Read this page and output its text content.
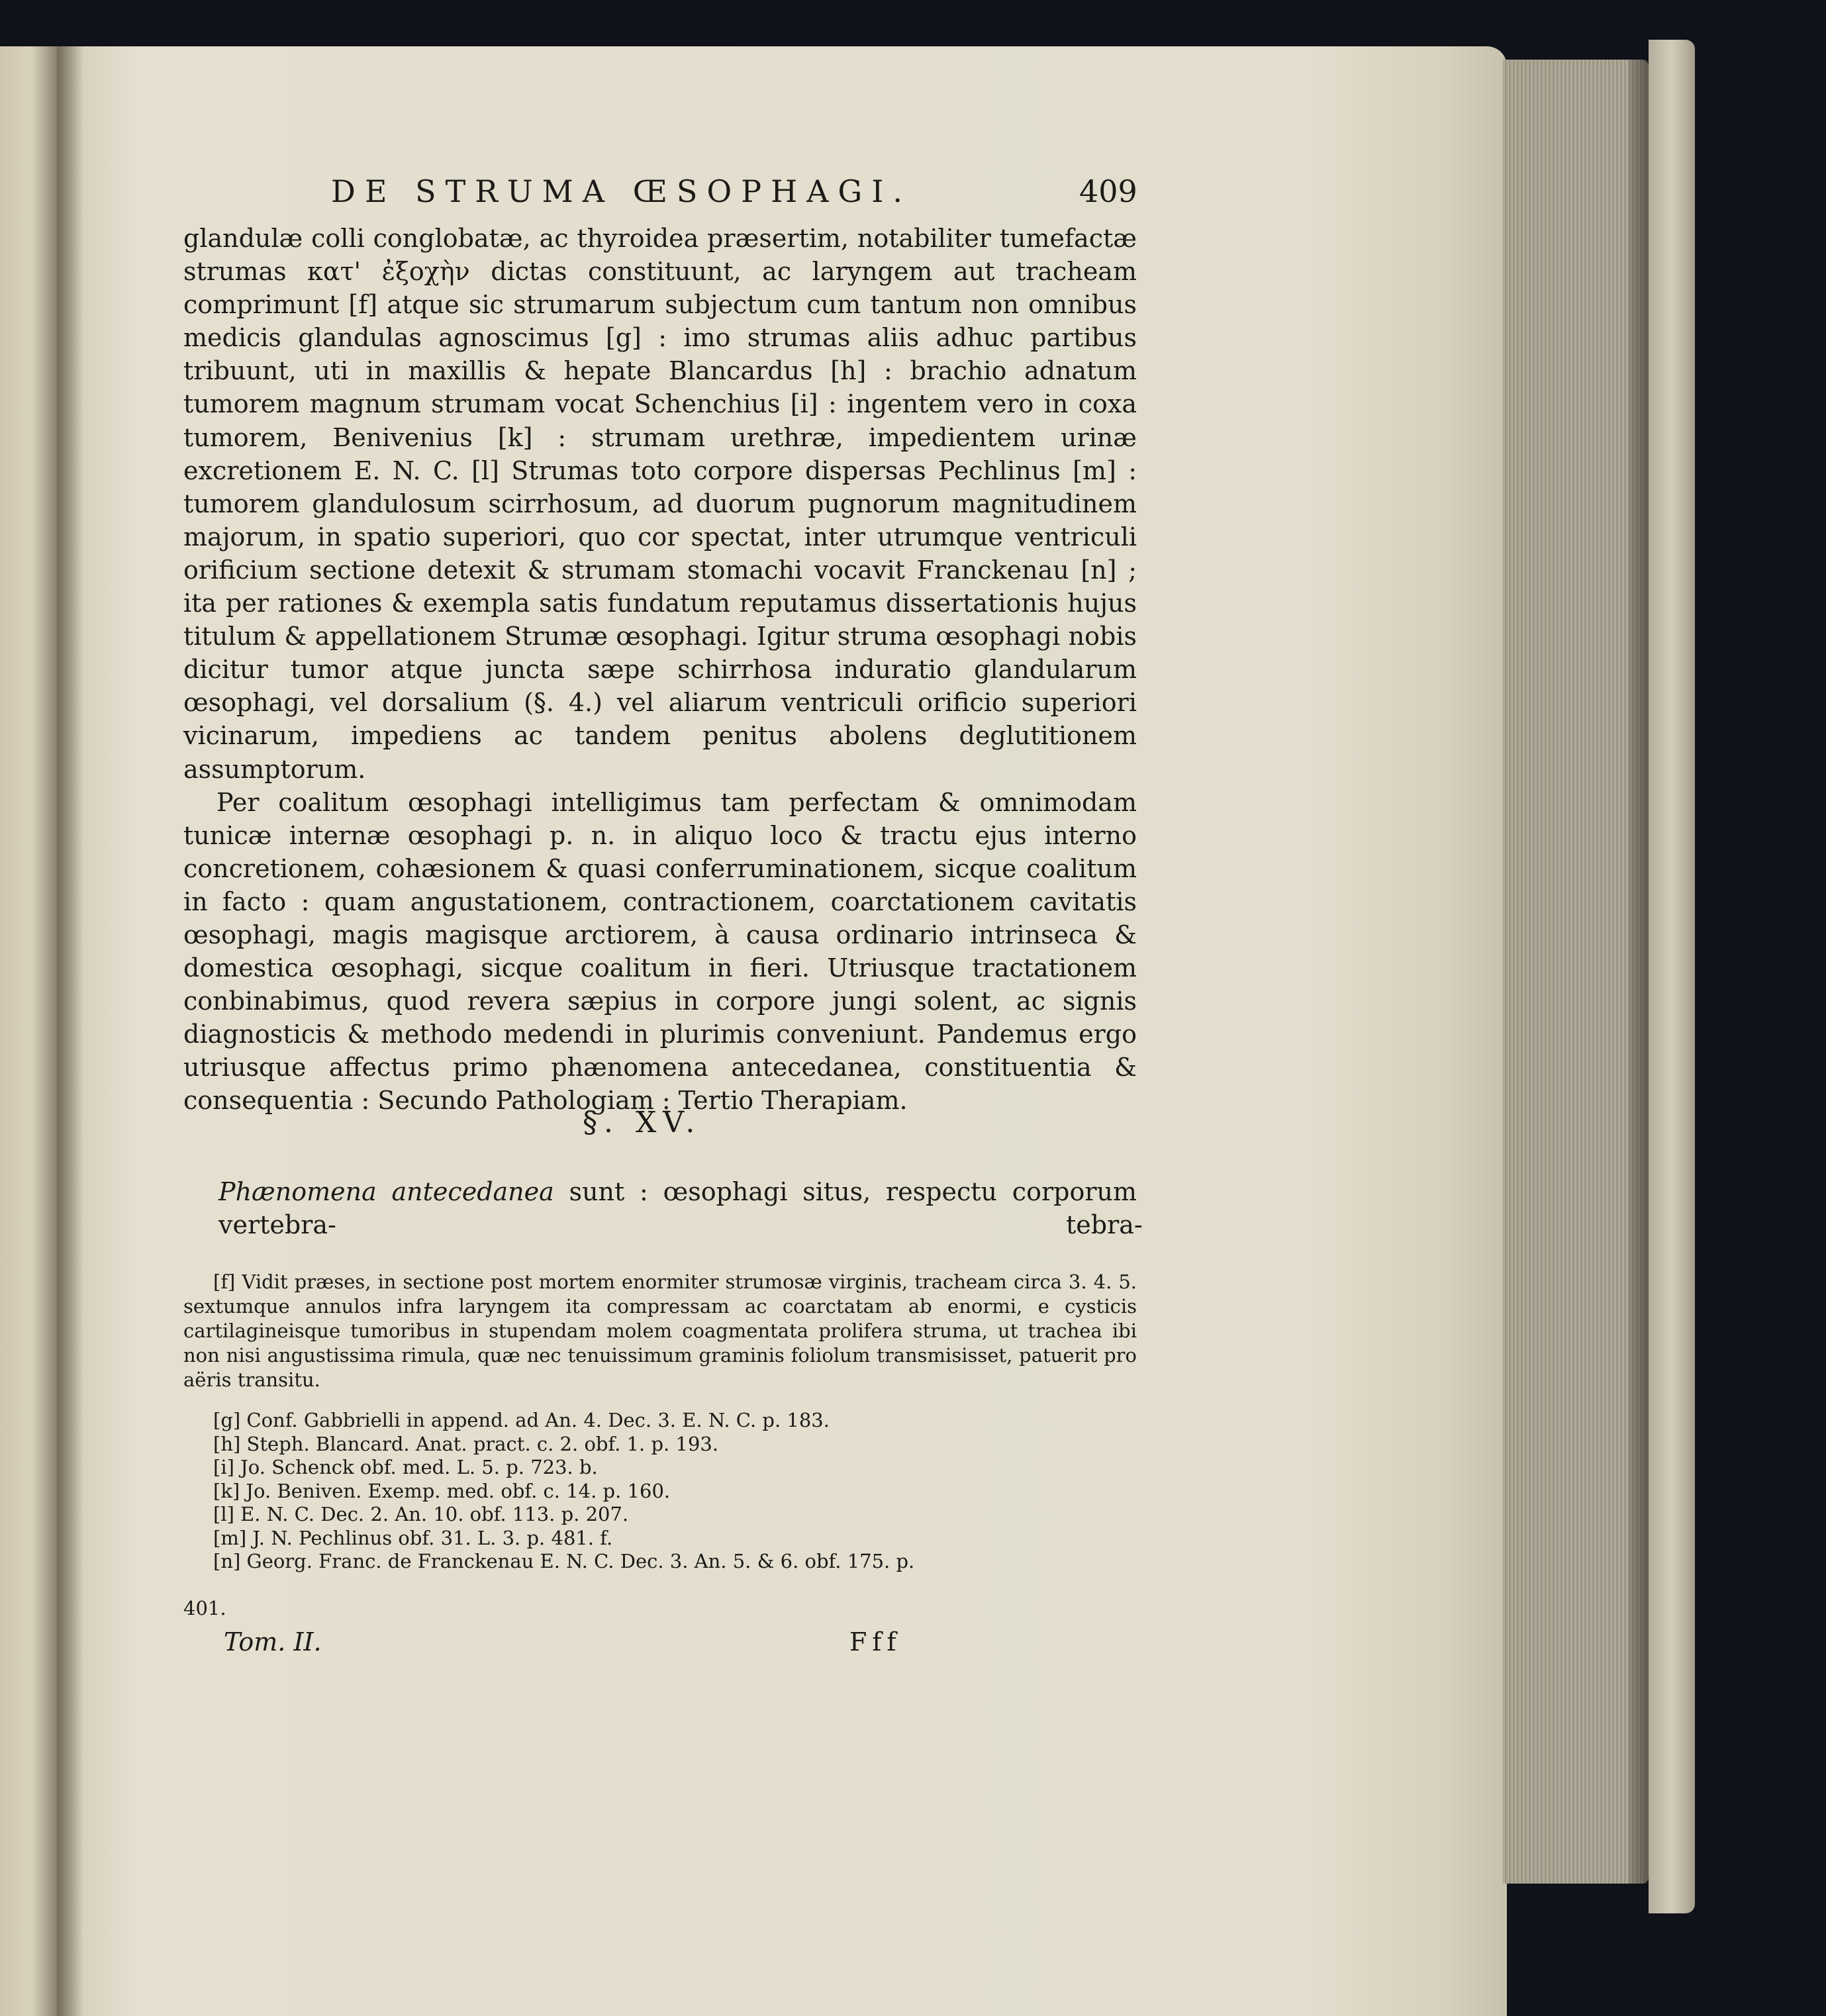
DE STRUMA ŒSOPHAGI.	409

glandulæ colli conglobatæ, ac thyroidea præsertim, notabiliter tumefactæ strumas κατ' ἐξοχὴν dictas constituunt, ac laryngem aut tracheam comprimunt [f] atque sic strumarum subjectum cum tantum non omnibus medicis glandulas agnoscimus [g] : imo strumas aliis adhuc partibus tribuunt, uti in maxillis & hepate Blancardus [h] : brachio adnatum tumorem magnum strumam vocat Schenchius [i] : ingentem vero in coxa tumorem, Benivenius [k] : strumam urethræ, impedientem urinæ excretionem E. N. C. [l] Strumas toto corpore dispersas Pechlinus [m] : tumorem glandulosum scirrhosum, ad duorum pugnorum magnitudinem majorum, in spatio superiori, quo cor spectat, inter utrumque ventriculi orificium sectione detexit & strumam stomachi vocavit Franckenau [n] ; ita per rationes & exempla satis fundatum reputamus dissertationis hujus titulum & appellationem Strumæ œsophagi. Igitur struma œsophagi nobis dicitur tumor atque juncta sæpe schirrhosa induratio glandularum œsophagi, vel dorsalium (§. 4.) vel aliarum ventriculi orificio superiori vicinarum, impediens ac tandem penitus abolens deglutitionem assumptorum.

Per coalitum œsophagi intelligimus tam perfectam & omnimodam tunicæ internæ œsophagi p. n. in aliquo loco & tractu ejus interno concretionem, cohæsionem & quasi conferruminationem, sicque coalitum in facto : quam angustationem, contractionem, coarctationem cavitatis œsophagi, magis magisque arctiorem, à causa ordinario intrinseca & domestica œsophagi, sicque coalitum in fieri. Utriusque tractationem conbinabimus, quod revera sæpius in corpore jungi solent, ac signis diagnosticis & methodo medendi in plurimis conveniunt. Pandemus ergo utriusque affectus primo phænomena antecedanea, constituentia & consequentia : Secundo Pathologiam : Tertio Therapiam.

§. XV.

Phænomena antecedanea sunt : œsophagi situs, respectu corporum vertebra-	tebra-

[f] Vidit præses, in sectione post mortem enormiter strumosæ virginis, tracheam circa 3. 4. 5. sextumque annulos infra laryngem ita compressam ac coarctatam ab enormi, e cysticis cartilagineisque tumoribus in stupendam molem coagmentata prolifera struma, ut trachea ibi non nisi angustissima rimula, quæ nec tenuissimum graminis foliolum transmisisset, patuerit pro aëris transitu.

[g] Conf. Gabbrielli in append. ad An. 4. Dec. 3. E. N. C. p. 183.
[h] Steph. Blancard. Anat. pract. c. 2. obf. 1. p. 193.
[i] Jo. Schenck obf. med. L. 5. p. 723. b.
[k] Jo. Beniven. Exemp. med. obf. c. 14. p. 160.
[l] E. N. C. Dec. 2. An. 10. obf. 113. p. 207.
[m] J. N. Pechlinus obf. 31. L. 3. p. 481. f.
[n] Georg. Franc. de Franckenau E. N. C. Dec. 3. An. 5. & 6. obf. 175. p.
401.
Tom. II.	Fff
